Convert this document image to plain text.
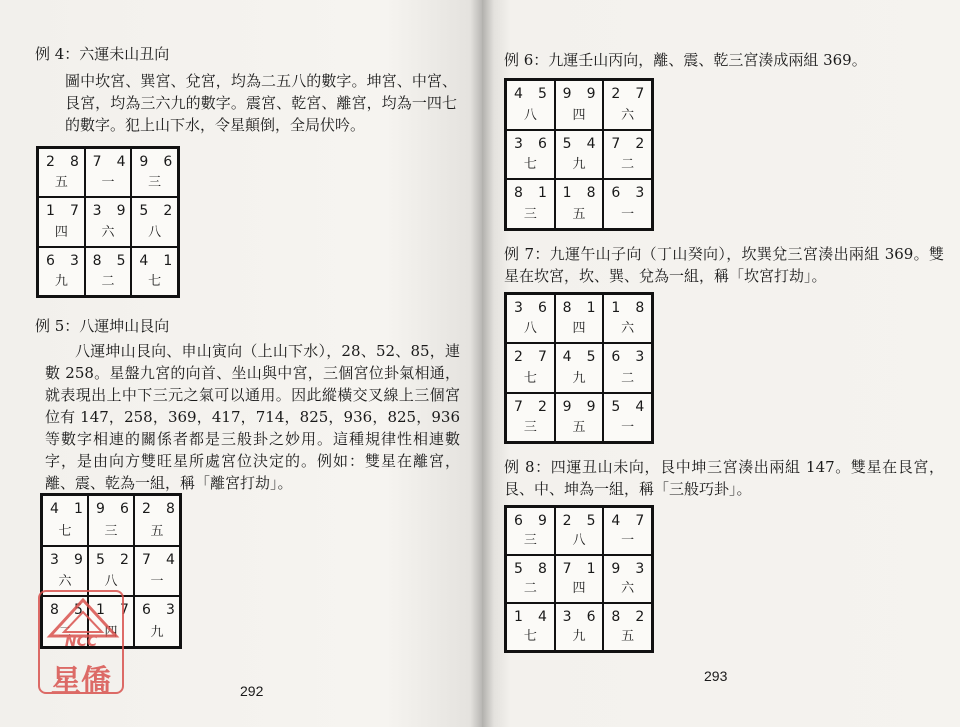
例 4：六運未山丑向
圖中坎宮、巽宮、兌宮，均為二五八的數字。坤宮、中宮、艮宮，均為三六九的數字。震宮、乾宮、離宮，均為一四七的數字。犯上山下水，令星顛倒，全局伏吟。
2 8
五
7 4
一
9 6
三
1 7
四
3 9
六
5 2
八
6 3
九
8 5
二
4 1
七
例 5：八運坤山艮向
八運坤山艮向、申山寅向（上山下水），28、52、85，連數 258。星盤九宮的向首、坐山與中宮，三個宮位卦氣相通，就表現出上中下三元之氣可以通用。因此縱橫交叉線上三個宮位有 147，258，369，417，714，825，936，825，936 等數字相連的關係者都是三般卦之妙用。這種規律性相連數字，是由向方雙旺星所處宮位決定的。例如：雙星在離宮，離、震、乾為一組，稱「離宮打劫」。
4 1
七
9 6
三
2 8
五
3 9
六
5 2
八
7 4
一
8 5
二
1 7
四
6 3
九
NCC
星僑	292
例 6：九運壬山丙向，離、震、乾三宮湊成兩組 369。
4 5
八
9 9
四
2 7
六
3 6
七
5 4
九
7 2
二
8 1
三
1 8
五
6 3
一
例 7：九運午山子向（丁山癸向），坎巽兌三宮湊出兩組 369。雙星在坎宮，坎、巽、兌為一組，稱「坎宮打劫」。
3 6
八
8 1
四
1 8
六
2 7
七
4 5
九
6 3
二
7 2
三
9 9
五
5 4
一
例 8：四運丑山未向，艮中坤三宮湊出兩組 147。雙星在艮宮，艮、中、坤為一組，稱「三般巧卦」。
6 9
三
2 5
八
4 7
一
5 8
二
7 1
四
9 3
六
1 4
七
3 6
九
8 2
五
293
